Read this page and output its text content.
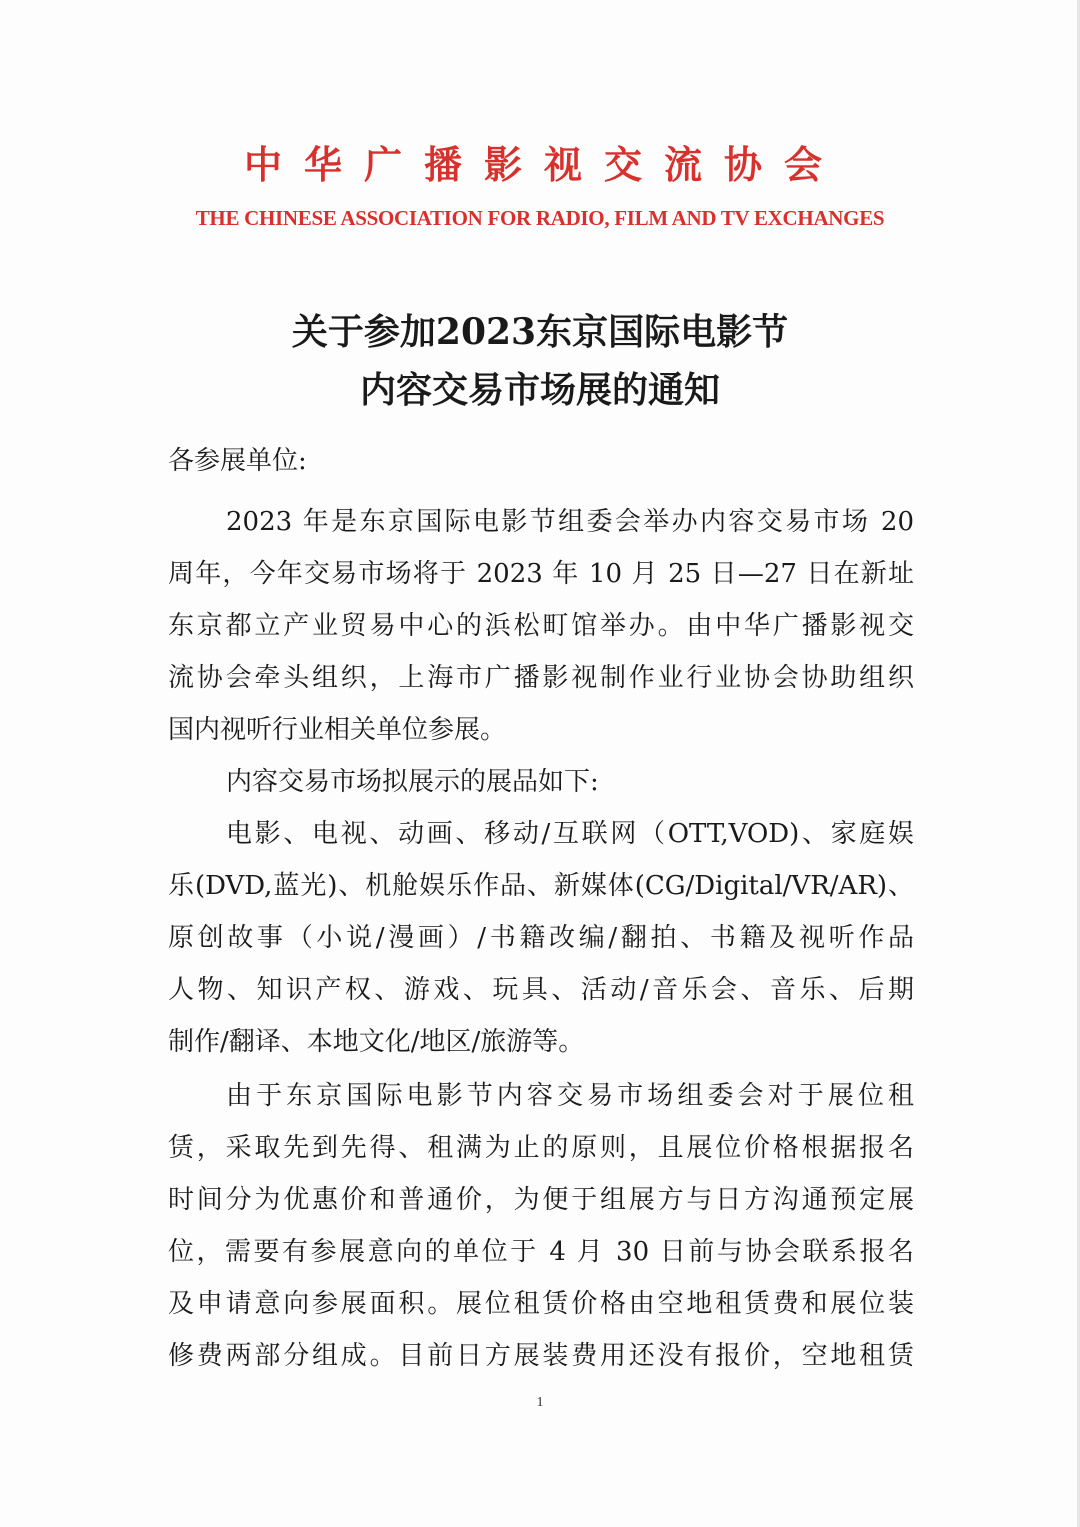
中华广播影视交流协会
THE CHINESE ASSOCIATION FOR RADIO, FILM AND TV EXCHANGES
关于参加2023东京国际电影节
内容交易市场展的通知
各参展单位:
2023 年是东京国际电影节组委会举办内容交易市场 20
周年，今年交易市场将于 2023 年 10 月 25 日—27 日在新址
东京都立产业贸易中心的浜松町馆举办。由中华广播影视交
流协会牵头组织，上海市广播影视制作业行业协会协助组织
国内视听行业相关单位参展。
内容交易市场拟展示的展品如下:
电影、电视、动画、移动/互联网（OTT,VOD)、家庭娱
乐(DVD,蓝光)、机舱娱乐作品、新媒体(CG/Digital/VR/AR)、
原创故事（小说/漫画）/书籍改编/翻拍、书籍及视听作品
人物、知识产权、游戏、玩具、活动/音乐会、音乐、后期
制作/翻译、本地文化/地区/旅游等。
由于东京国际电影节内容交易市场组委会对于展位租
赁，采取先到先得、租满为止的原则，且展位价格根据报名
时间分为优惠价和普通价，为便于组展方与日方沟通预定展
位，需要有参展意向的单位于 4 月 30 日前与协会联系报名
及申请意向参展面积。展位租赁价格由空地租赁费和展位装
修费两部分组成。目前日方展装费用还没有报价，空地租赁
1
